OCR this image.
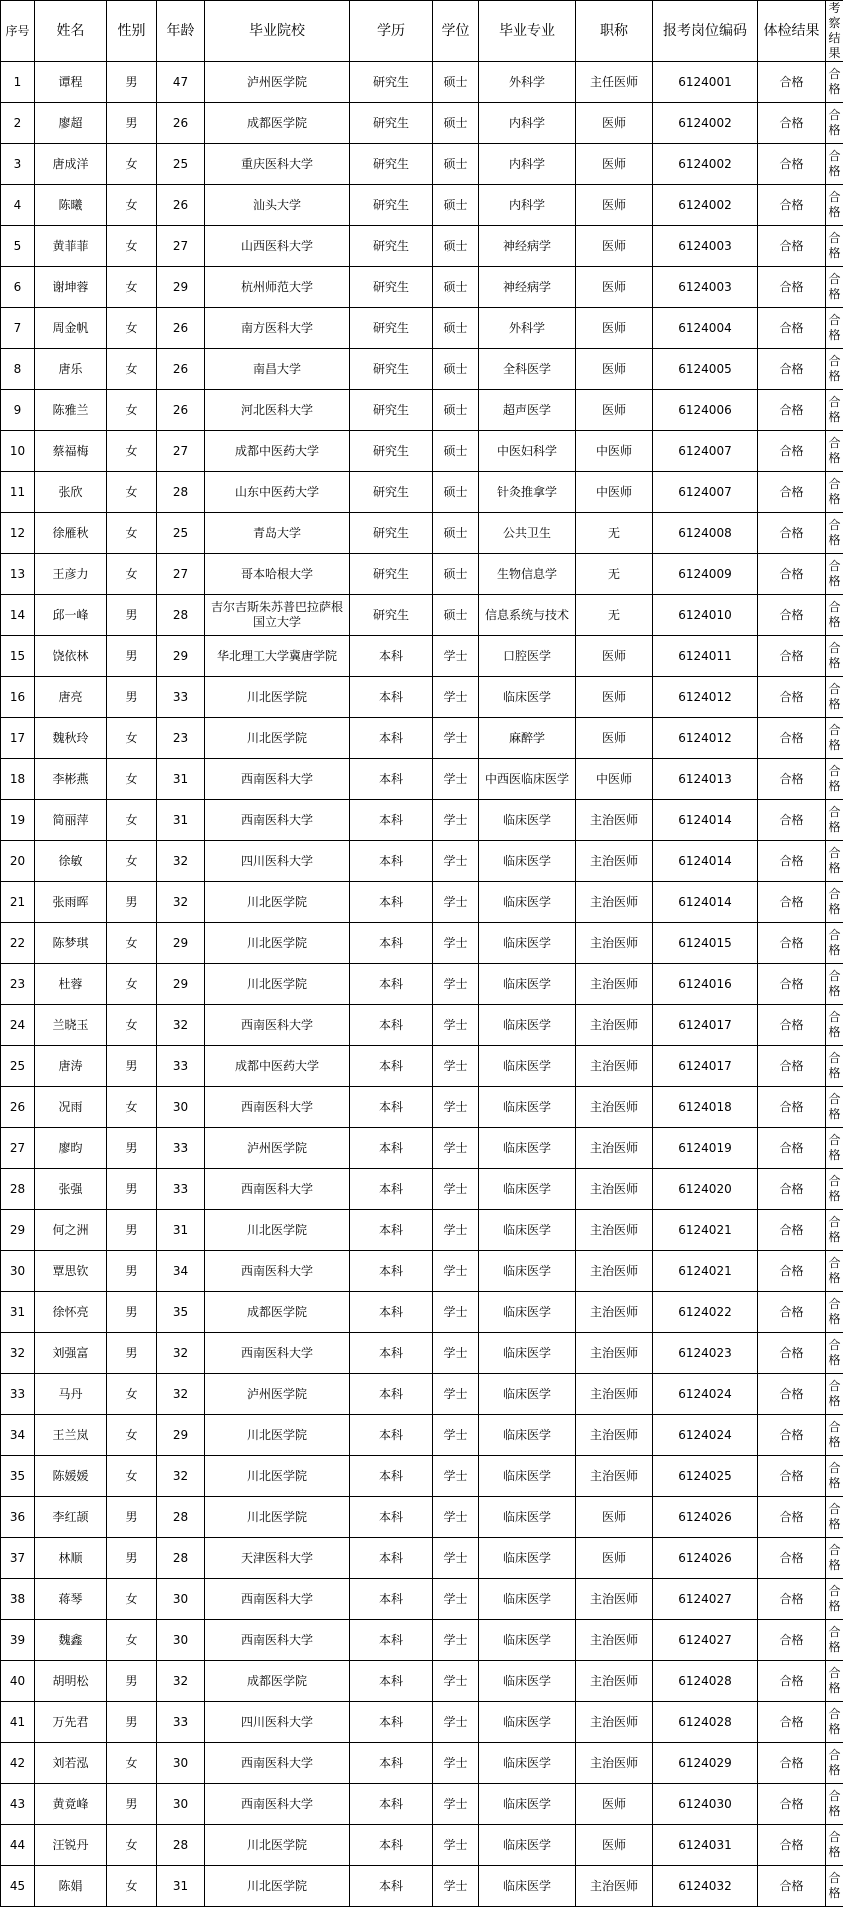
序号	姓名	性别	年龄	毕业院校	学历	学位	毕业专业	职称	报考岗位编码	体检结果	考察结果
1	谭程	男	47	泸州医学院	研究生	硕士	外科学	主任医师	6124001	合格	合格
2	廖超	男	26	成都医学院	研究生	硕士	内科学	医师	6124002	合格	合格
3	唐成洋	女	25	重庆医科大学	研究生	硕士	内科学	医师	6124002	合格	合格
4	陈曦	女	26	汕头大学	研究生	硕士	内科学	医师	6124002	合格	合格
5	黄菲菲	女	27	山西医科大学	研究生	硕士	神经病学	医师	6124003	合格	合格
6	谢坤蓉	女	29	杭州师范大学	研究生	硕士	神经病学	医师	6124003	合格	合格
7	周金帆	女	26	南方医科大学	研究生	硕士	外科学	医师	6124004	合格	合格
8	唐乐	女	26	南昌大学	研究生	硕士	全科医学	医师	6124005	合格	合格
9	陈雅兰	女	26	河北医科大学	研究生	硕士	超声医学	医师	6124006	合格	合格
10	蔡福梅	女	27	成都中医药大学	研究生	硕士	中医妇科学	中医师	6124007	合格	合格
11	张欣	女	28	山东中医药大学	研究生	硕士	针灸推拿学	中医师	6124007	合格	合格
12	徐雁秋	女	25	青岛大学	研究生	硕士	公共卫生	无	6124008	合格	合格
13	王彦力	女	27	哥本哈根大学	研究生	硕士	生物信息学	无	6124009	合格	合格
14	邱一峰	男	28	吉尔吉斯朱苏普巴拉萨根国立大学	研究生	硕士	信息系统与技术	无	6124010	合格	合格
15	饶依林	男	29	华北理工大学冀唐学院	本科	学士	口腔医学	医师	6124011	合格	合格
16	唐亮	男	33	川北医学院	本科	学士	临床医学	医师	6124012	合格	合格
17	魏秋玲	女	23	川北医学院	本科	学士	麻醉学	医师	6124012	合格	合格
18	李彬燕	女	31	西南医科大学	本科	学士	中西医临床医学	中医师	6124013	合格	合格
19	简丽萍	女	31	西南医科大学	本科	学士	临床医学	主治医师	6124014	合格	合格
20	徐敏	女	32	四川医科大学	本科	学士	临床医学	主治医师	6124014	合格	合格
21	张雨晖	男	32	川北医学院	本科	学士	临床医学	主治医师	6124014	合格	合格
22	陈梦琪	女	29	川北医学院	本科	学士	临床医学	主治医师	6124015	合格	合格
23	杜蓉	女	29	川北医学院	本科	学士	临床医学	主治医师	6124016	合格	合格
24	兰晓玉	女	32	西南医科大学	本科	学士	临床医学	主治医师	6124017	合格	合格
25	唐涛	男	33	成都中医药大学	本科	学士	临床医学	主治医师	6124017	合格	合格
26	况雨	女	30	西南医科大学	本科	学士	临床医学	主治医师	6124018	合格	合格
27	廖昀	男	33	泸州医学院	本科	学士	临床医学	主治医师	6124019	合格	合格
28	张强	男	33	西南医科大学	本科	学士	临床医学	主治医师	6124020	合格	合格
29	何之洲	男	31	川北医学院	本科	学士	临床医学	主治医师	6124021	合格	合格
30	覃思钦	男	34	西南医科大学	本科	学士	临床医学	主治医师	6124021	合格	合格
31	徐怀亮	男	35	成都医学院	本科	学士	临床医学	主治医师	6124022	合格	合格
32	刘强富	男	32	西南医科大学	本科	学士	临床医学	主治医师	6124023	合格	合格
33	马丹	女	32	泸州医学院	本科	学士	临床医学	主治医师	6124024	合格	合格
34	王兰岚	女	29	川北医学院	本科	学士	临床医学	主治医师	6124024	合格	合格
35	陈媛媛	女	32	川北医学院	本科	学士	临床医学	主治医师	6124025	合格	合格
36	李红颉	男	28	川北医学院	本科	学士	临床医学	医师	6124026	合格	合格
37	林顺	男	28	天津医科大学	本科	学士	临床医学	医师	6124026	合格	合格
38	蒋琴	女	30	西南医科大学	本科	学士	临床医学	主治医师	6124027	合格	合格
39	魏鑫	女	30	西南医科大学	本科	学士	临床医学	主治医师	6124027	合格	合格
40	胡明松	男	32	成都医学院	本科	学士	临床医学	主治医师	6124028	合格	合格
41	万先君	男	33	四川医科大学	本科	学士	临床医学	主治医师	6124028	合格	合格
42	刘若泓	女	30	西南医科大学	本科	学士	临床医学	主治医师	6124029	合格	合格
43	黄竟峰	男	30	西南医科大学	本科	学士	临床医学	医师	6124030	合格	合格
44	汪锐丹	女	28	川北医学院	本科	学士	临床医学	医师	6124031	合格	合格
45	陈娟	女	31	川北医学院	本科	学士	临床医学	主治医师	6124032	合格	合格
